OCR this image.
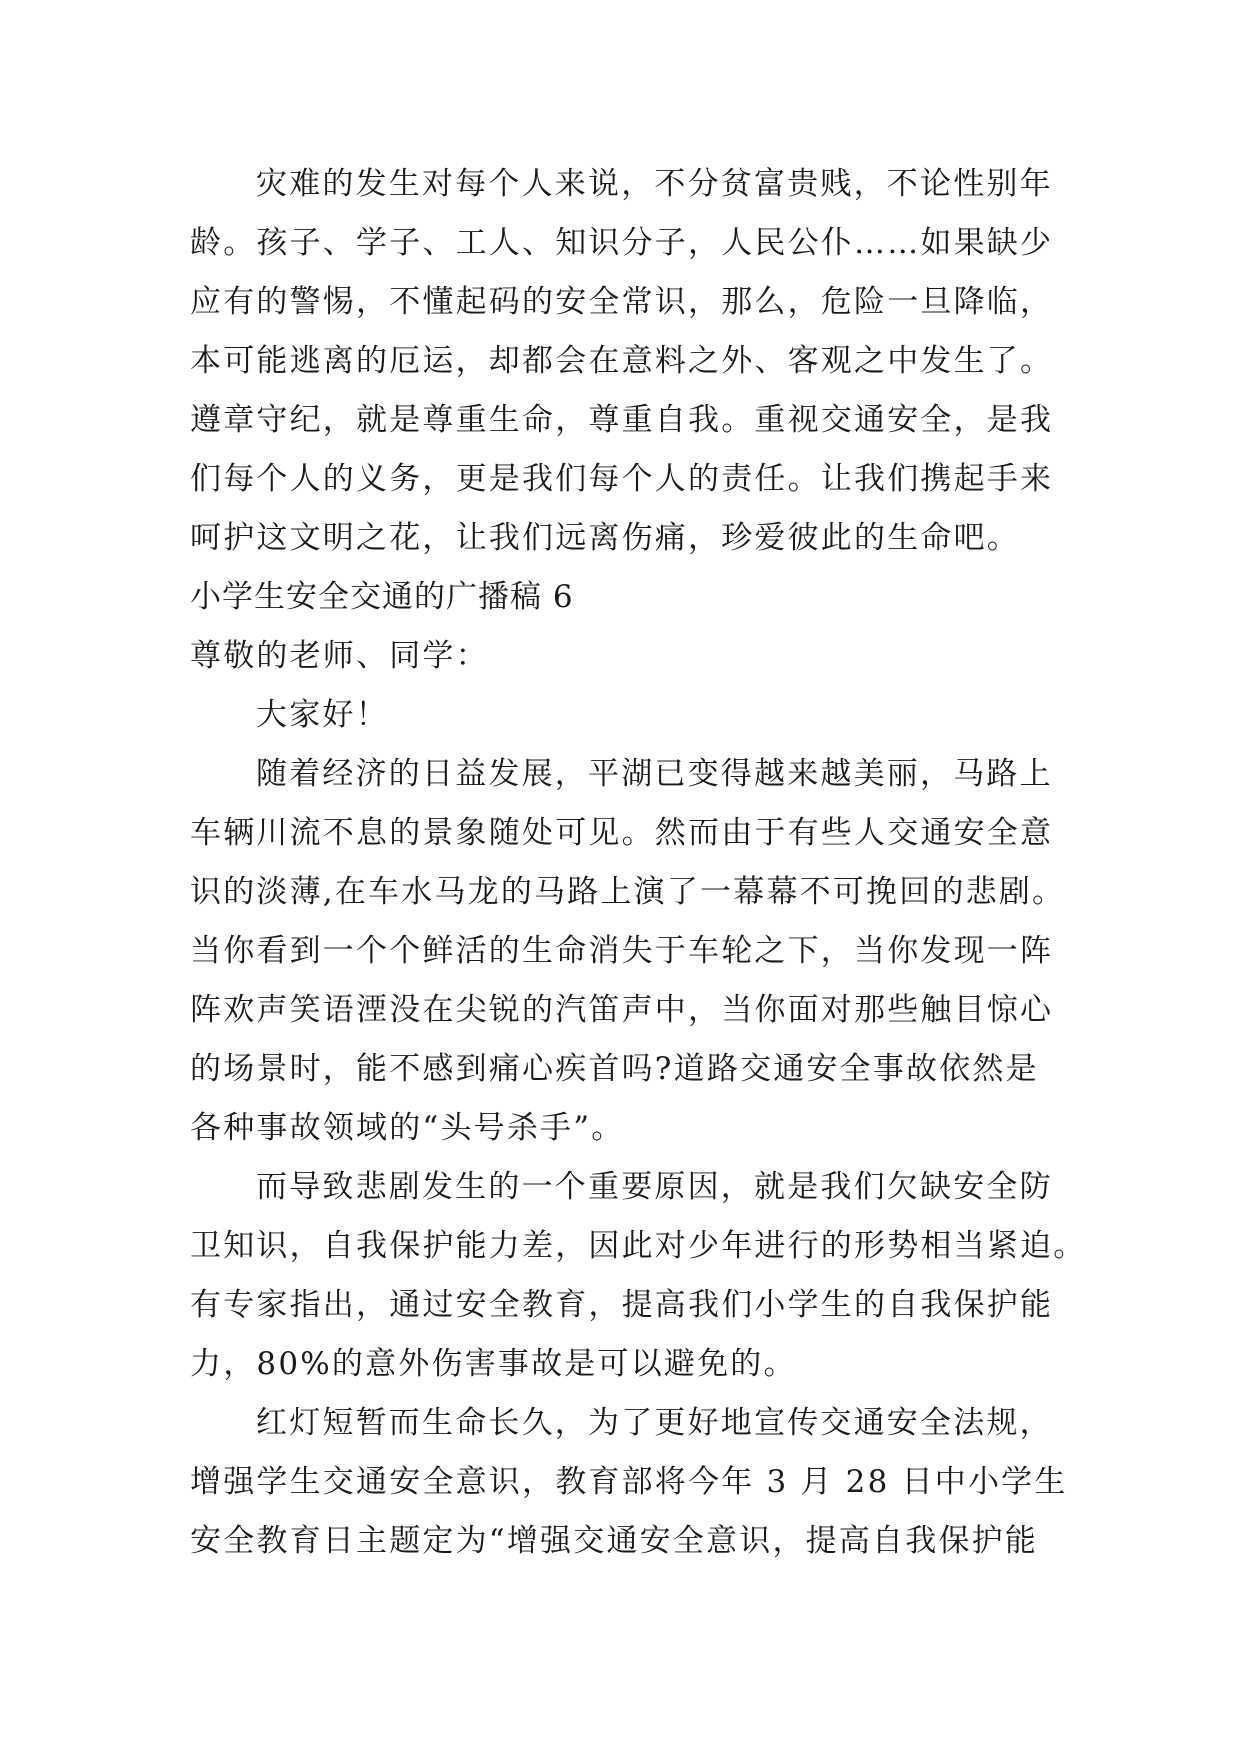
灾难的发生对每个人来说，不分贫富贵贱，不论性别年
龄。孩子、学子、工人、知识分子，人民公仆……如果缺少
应有的警惕，不懂起码的安全常识，那么，危险一旦降临，
本可能逃离的厄运，却都会在意料之外、客观之中发生了。
遵章守纪，就是尊重生命，尊重自我。重视交通安全，是我
们每个人的义务，更是我们每个人的责任。让我们携起手来
呵护这文明之花，让我们远离伤痛，珍爱彼此的生命吧。
小学生安全交通的广播稿 6
尊敬的老师、同学：
大家好！
随着经济的日益发展，平湖已变得越来越美丽，马路上
车辆川流不息的景象随处可见。然而由于有些人交通安全意
识的淡薄,在车水马龙的马路上演了一幕幕不可挽回的悲剧。
当你看到一个个鲜活的生命消失于车轮之下，当你发现一阵
阵欢声笑语湮没在尖锐的汽笛声中，当你面对那些触目惊心
的场景时，能不感到痛心疾首吗?道路交通安全事故依然是
各种事故领域的“头号杀手”。
而导致悲剧发生的一个重要原因，就是我们欠缺安全防
卫知识，自我保护能力差，因此对少年进行的形势相当紧迫。
有专家指出，通过安全教育，提高我们小学生的自我保护能
力，80%的意外伤害事故是可以避免的。
红灯短暂而生命长久，为了更好地宣传交通安全法规，
增强学生交通安全意识，教育部将今年 3 月 28 日中小学生
安全教育日主题定为“增强交通安全意识，提高自我保护能
